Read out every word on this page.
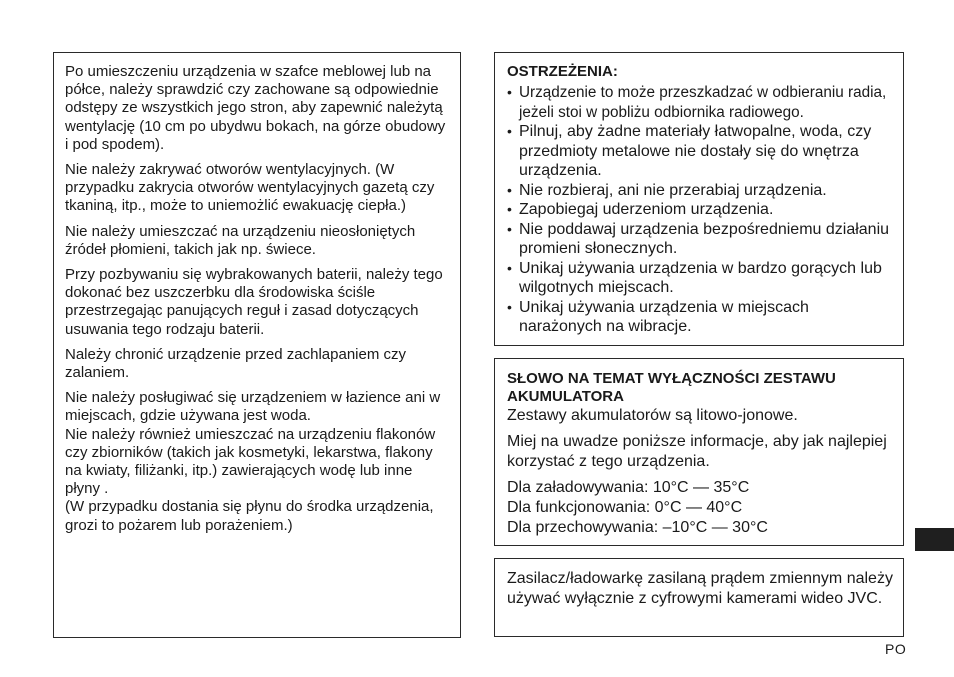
Po umieszczeniu urządzenia w szafce meblowej lub na półce, należy sprawdzić czy zachowane są odpowiednie odstępy ze wszystkich jego stron, aby zapewnić należytą wentylację (10 cm po ubydwu bokach, na górze obudowy i pod spodem).

Nie należy zakrywać otworów wentylacyjnych. (W przypadku zakrycia otworów wentylacyjnych gazetą czy tkaniną, itp., może to uniemożlić ewakuację ciepła.)

Nie należy umieszczać na urządzeniu nieosłoniętych źródeł płomieni, takich jak np. świece.

Przy pozbywaniu się wybrakowanych baterii, należy tego dokonać bez uszczerbku dla środowiska ściśle przestrzegając panujących reguł i zasad dotyczących usuwania tego rodzaju baterii.

Należy chronić urządzenie przed zachlapaniem czy zalaniem.

Nie należy posługiwać się urządzeniem w łazience ani w miejscach, gdzie używana jest woda.
Nie należy również umieszczać na urządzeniu flakonów czy zbiorników (takich jak kosmetyki, lekarstwa, flakony na kwiaty, filiżanki, itp.) zawierających wodę lub inne płyny .
(W przypadku dostania się płynu do środka urządzenia, grozi to pożarem lub porażeniem.)

OSTRZEŻENIA:
• Urządzenie to może przeszkadzać w odbieraniu radia, jeżeli stoi w pobliżu odbiornika radiowego.
• Pilnuj, aby żadne materiały łatwopalne, woda, czy przedmioty metalowe nie dostały się do wnętrza urządzenia.
• Nie rozbieraj, ani nie przerabiaj urządzenia.
• Zapobiegaj uderzeniom urządzenia.
• Nie poddawaj urządzenia bezpośredniemu działaniu promieni słonecznych.
• Unikaj używania urządzenia w bardzo gorących lub wilgotnych miejscach.
• Unikaj używania urządzenia w miejscach narażonych na wibracje.
SŁOWO NA TEMAT WYŁĄCZNOŚCI ZESTAWU AKUMULATORA

Zestawy akumulatorów są litowo-jonowe.

Miej na uwadze poniższe informacje, aby jak najlepiej korzystać z tego urządzenia.

Dla załadowywania: 10°C — 35°C

Dla funkcjonowania: 0°C — 40°C

Dla przechowywania: –10°C — 30°C

Zasilacz/ładowarkę zasilaną prądem zmiennym należy używać wyłącznie z cyfrowymi kamerami wideo JVC.

PO
